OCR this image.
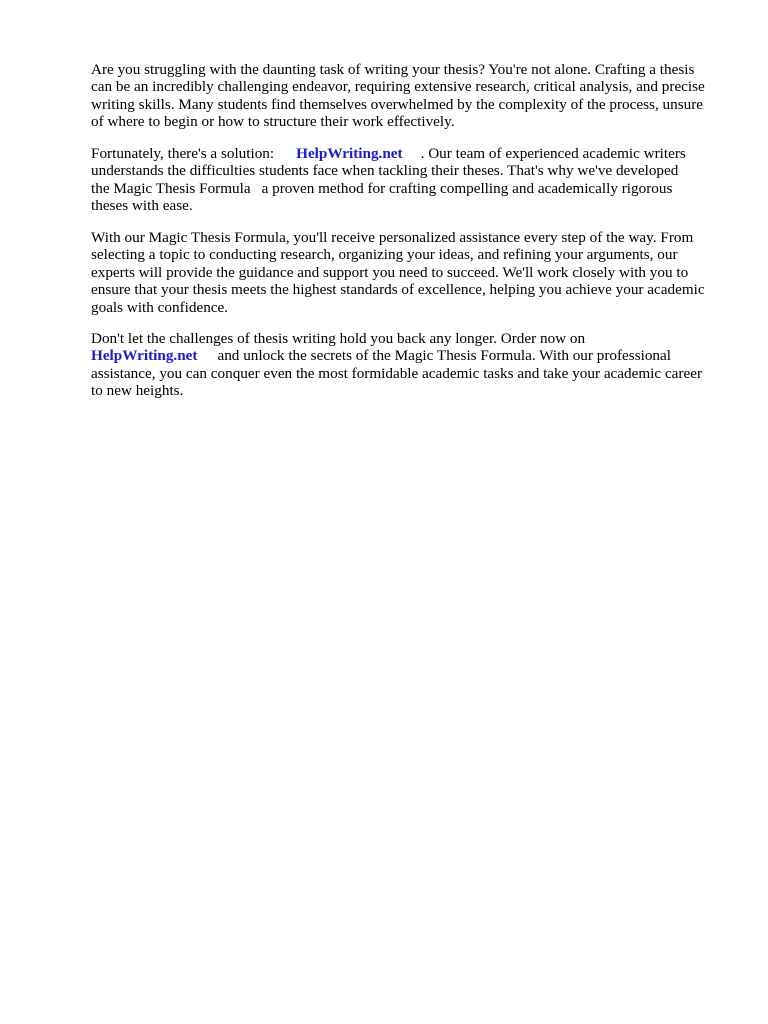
Are you struggling with the daunting task of writing your thesis? You're not alone. Crafting a thesis
can be an incredibly challenging endeavor, requiring extensive research, critical analysis, and precise
writing skills. Many students find themselves overwhelmed by the complexity of the process, unsure
of where to begin or how to structure their work effectively.

Fortunately, there's a solution: HelpWriting.net . Our team of experienced academic writers
understands the difficulties students face when tackling their theses. That's why we've developed
the Magic Thesis Formula a proven method for crafting compelling and academically rigorous
theses with ease.

With our Magic Thesis Formula, you'll receive personalized assistance every step of the way. From
selecting a topic to conducting research, organizing your ideas, and refining your arguments, our
experts will provide the guidance and support you need to succeed. We'll work closely with you to
ensure that your thesis meets the highest standards of excellence, helping you achieve your academic
goals with confidence.

Don't let the challenges of thesis writing hold you back any longer. Order now on
HelpWriting.net and unlock the secrets of the Magic Thesis Formula. With our professional
assistance, you can conquer even the most formidable academic tasks and take your academic career
to new heights.
